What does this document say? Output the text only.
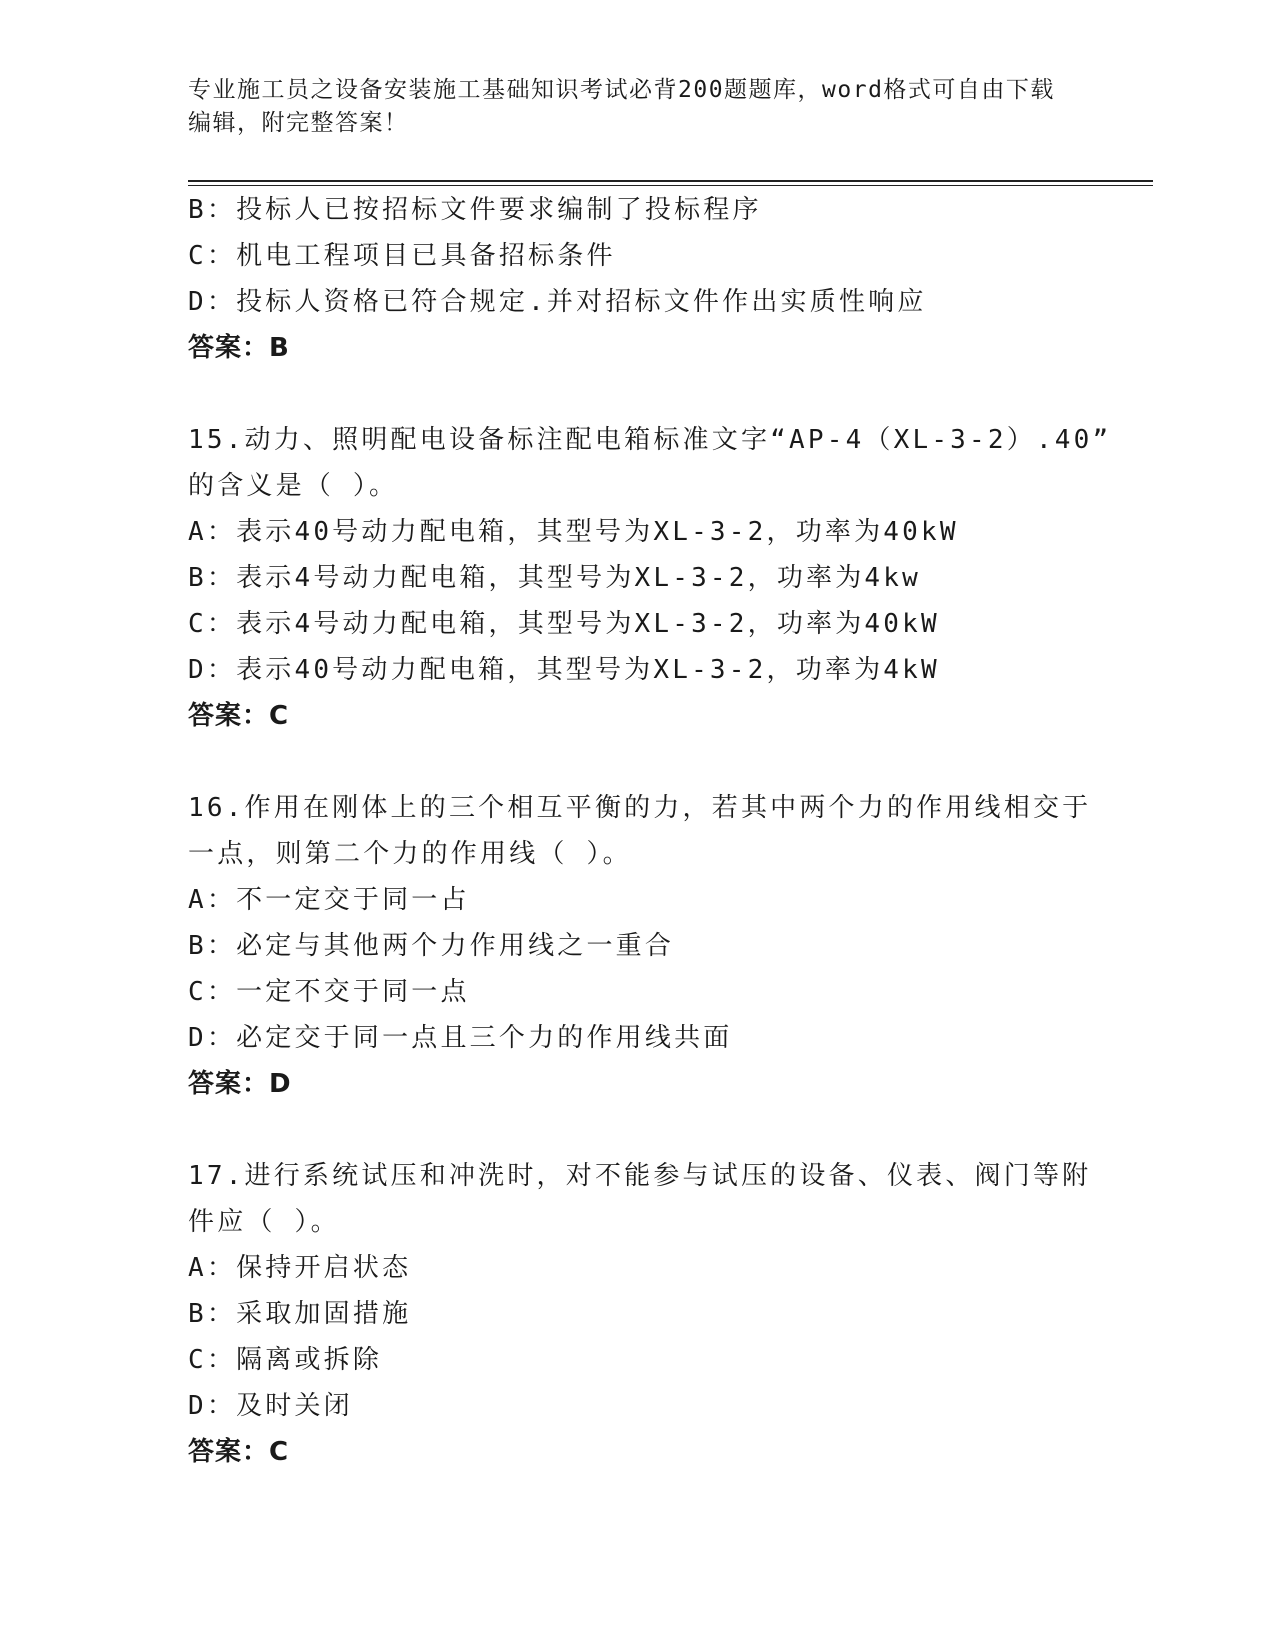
专业施工员之设备安装施工基础知识考试必背200题题库，word格式可自由下载
编辑，附完整答案！
B：投标人已按招标文件要求编制了投标程序
C：机电工程项目已具备招标条件
D：投标人资格已符合规定.并对招标文件作出实质性响应
答案：B
15.动力、照明配电设备标注配电箱标准文字“AP-4（XL-3-2）.40”
的含义是（ ）。
A：表示40号动力配电箱，其型号为XL-3-2，功率为40kW
B：表示4号动力配电箱，其型号为XL-3-2，功率为4kw
C：表示4号动力配电箱，其型号为XL-3-2，功率为40kW
D：表示40号动力配电箱，其型号为XL-3-2，功率为4kW
答案：C
16.作用在刚体上的三个相互平衡的力，若其中两个力的作用线相交于
一点，则第二个力的作用线（ ）。
A：不一定交于同一占
B：必定与其他两个力作用线之一重合
C：一定不交于同一点
D：必定交于同一点且三个力的作用线共面
答案：D
17.进行系统试压和冲洗时，对不能参与试压的设备、仪表、阀门等附
件应（ ）。
A：保持开启状态
B：采取加固措施
C：隔离或拆除
D：及时关闭
答案：C
